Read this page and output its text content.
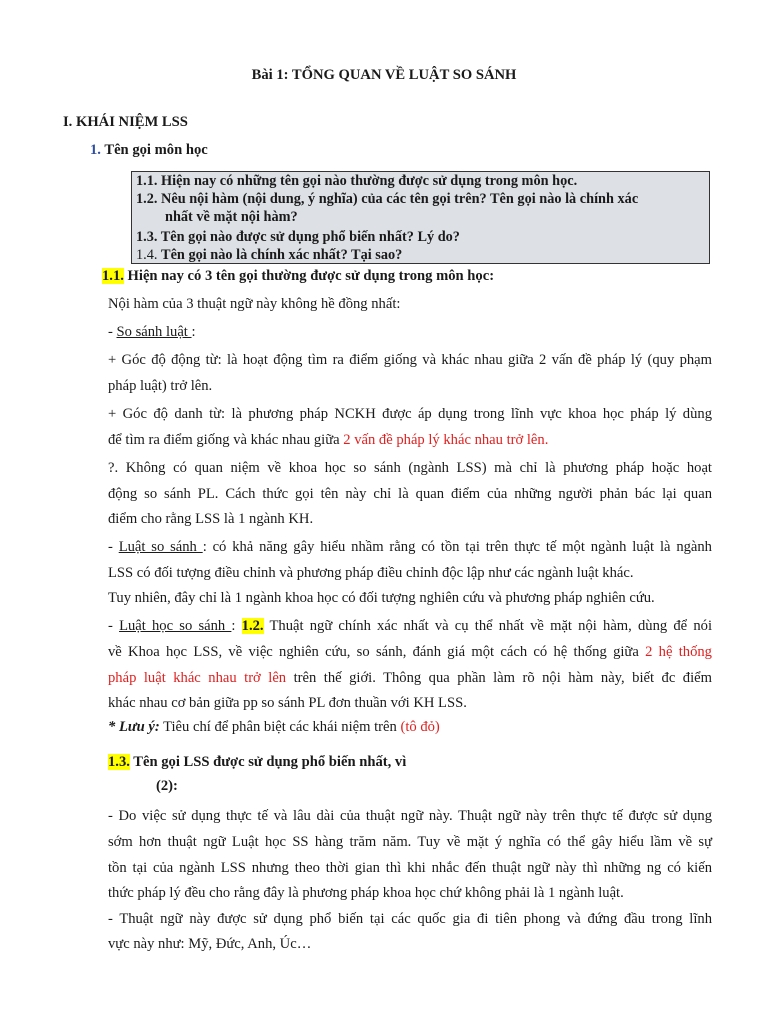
Bài 1: TỔNG QUAN VỀ LUẬT SO SÁNH
I. KHÁI NIỆM LSS
1. Tên gọi môn học
1.1. Hiện nay có những tên gọi nào thường được sử dụng trong môn học.
1.2. Nêu nội hàm (nội dung, ý nghĩa) của các tên gọi trên? Tên gọi nào là chính xác
nhất về mặt nội hàm?
1.3. Tên gọi nào được sử dụng phổ biến nhất? Lý do?
1.4. Tên gọi nào là chính xác nhất? Tại sao?
1.1. Hiện nay có 3 tên gọi thường được sử dụng trong môn học:
Nội hàm của 3 thuật ngữ này không hề đồng nhất:
- So sánh luật :
+ Góc độ động từ: là hoạt động tìm ra điểm giống và khác nhau giữa 2 vấn đề pháp lý (quy phạm
pháp luật) trở lên.
+ Góc độ danh từ: là phương pháp NCKH được áp dụng trong lĩnh vực khoa học pháp lý dùng
để tìm ra điểm giống và khác nhau giữa 2 vấn đề pháp lý khác nhau trở lên.
?. Không có quan niệm về khoa học so sánh (ngành LSS) mà chỉ là phương pháp hoặc hoạt
động so sánh PL. Cách thức gọi tên này chỉ là quan điểm của những người phản bác lại quan
điểm cho rằng LSS là 1 ngành KH.
- Luật so sánh : có khả năng gây hiểu nhầm rằng có tồn tại trên thực tế một ngành luật là ngành
LSS có đối tượng điều chỉnh và phương pháp điều chỉnh độc lập như các ngành luật khác.
Tuy nhiên, đây chỉ là 1 ngành khoa học có đối tượng nghiên cứu và phương pháp nghiên cứu.
- Luật học so sánh : 1.2. Thuật ngữ chính xác nhất và cụ thể nhất về mặt nội hàm, dùng để nói
về Khoa học LSS, về việc nghiên cứu, so sánh, đánh giá một cách có hệ thống giữa 2 hệ thống
pháp luật khác nhau trở lên trên thế giới. Thông qua phần làm rõ nội hàm này, biết đc điểm
khác nhau cơ bản giữa pp so sánh PL đơn thuần với KH LSS.
* Lưu ý: Tiêu chí để phân biệt các khái niệm trên (tô đỏ)
1.3. Tên gọi LSS được sử dụng phổ biến nhất, vì
(2):
- Do việc sử dụng thực tế và lâu dài của thuật ngữ này. Thuật ngữ này trên thực tế được sử dụng
sớm hơn thuật ngữ Luật học SS hàng trăm năm. Tuy về mặt ý nghĩa có thể gây hiểu lầm về sự
tồn tại của ngành LSS nhưng theo thời gian thì khi nhắc đến thuật ngữ này thì những ng có kiến
thức pháp lý đều cho rằng đây là phương pháp khoa học chứ không phải là 1 ngành luật.
- Thuật ngữ này được sử dụng phổ biến tại các quốc gia đi tiên phong và đứng đầu trong lĩnh
vực này như: Mỹ, Đức, Anh, Úc…
